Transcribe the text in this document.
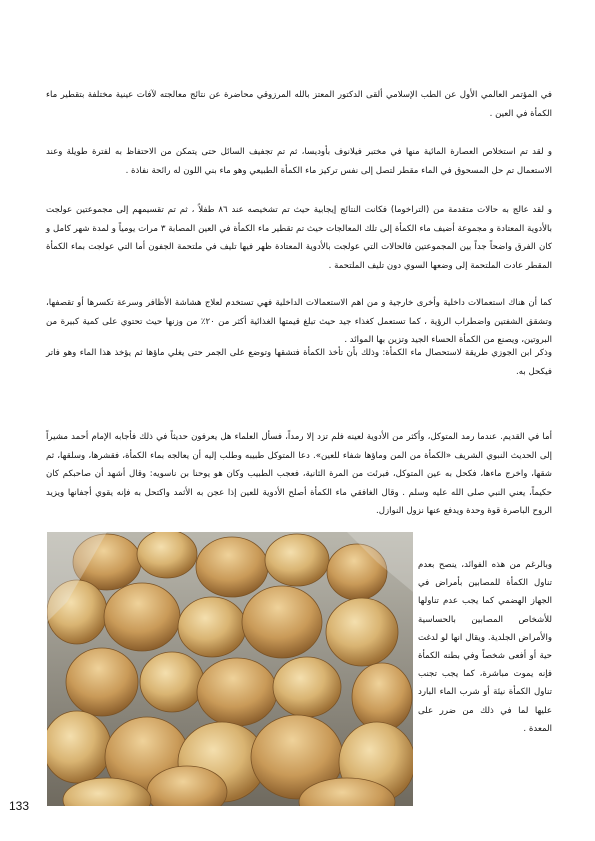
في المؤتمر العالمي الأول عن الطب الإسلامي ألقى الدكتور المعتز بالله المرزوقي محاضرة عن نتائج معالجته لآفات عينية مختلفة بتقطير ماء الكمأة في العين .

و لقد تم استخلاص العصارة المائية منها في مختبر فيلانوف بأوديسا، ثم تم تجفيف السائل حتى يتمكن من الاحتفاظ به لفترة طويلة وعند الاستعمال تم حل المسحوق في الماء مقطر لتصل إلى نفس تركيز ماء الكمأة الطبيعي وهو ماء بني اللون له رائحة نفاذة .

و لقد عالج به حالات متقدمة من (التراخوما) فكانت النتائج إيجابية حيث تم تشخيصه عند ٨٦ طفلاً ، ثم تم تقسيمهم إلى مجموعتين عولجت بالأدوية المعتادة و مجموعة أضيف ماء الكمأة إلى تلك المعالجات حيث تم تقطير ماء الكمأة في العين المصابة ٣ مرات يومياً و لمدة شهر كامل و كان الفرق واضحاً جداً بين المجموعتين فالحالات التي عولجت بالأدوية المعتادة ظهر فيها تليف في ملتحمة الجفون أما التي عولجت بماء الكمأة المقطر عادت الملتحمة إلى وضعها السوي دون تليف الملتحمة .

كما أن هناك استعمالات داخلية وأخرى خارجية و من اهم الاستعمالات الداخلية فهي تستخدم لعلاج هشاشة الأظافر وسرعة تكسرها أو تقصفها، وتشقق الشفتين واضطراب الرؤية ، كما تستعمل كغذاء جيد حيث تبلغ قيمتها الغذائية أكثر من ٢٠٪ من وزنها حيث تحتوي على كمية كبيرة من البروتين، ويصنع من الكمأة الحساء الجيد وتزين بها الموائد .

وذكر ابن الجوزي طريقة لاستحصال ماء الكمأة: وذلك بأن تأخذ الكمأة فتشقها وتوضع على الجمر حتى يغلي ماؤها ثم يؤخذ هذا الماء وهو فاتر فيكحل به.

أما في القديم. عندما رمد المتوكل، وأكثر من الأدوية لعينه فلم تزد إلا رمداً، فسأل العلماء هل يعرفون حديثاً في ذلك فأجابه الإمام أحمد مشيراً إلى الحديث النبوي الشريف «الكمأة من المن وماؤها شفاء للعين». دعا المتوكل طبيبه وطلب إليه أن يعالجه بماء الكمأة، فقشرها، وسلقها، ثم شقها، واخرج ماءها، فكحل به عين المتوكل، فبرئت من المرة الثانية، فعجب الطبيب وكان هو يوحنا بن ناسويه: وقال أشهد أن صاحبكم كان حكيماً، يعني النبي صلى الله عليه وسلم . وقال الغافقي ماء الكمأة أصلح الأدوية للعين إذا عجن به الأثمد واكتحل به فإنه يقوي أجفانها ويزيد الروح الباصرة قوة وحدة ويدفع عنها نزول النوازل.

وبالرغم من هذه الفوائد، ينصح بعدم تناول الكمأة للمصابين بأمراض في الجهاز الهضمي كما يجب عدم تناولها للأشخاص المصابين بالحساسية والأمراض الجلدية. ويقال انها لو لدغت حية أو أفعى شخصاً وفي بطنه الكمأة فإنه يموت مباشرة، كما يجب تجنب تناول الكمأة نيئة أو شرب الماء البارد عليها لما في ذلك من ضرر على المعدة .

133
